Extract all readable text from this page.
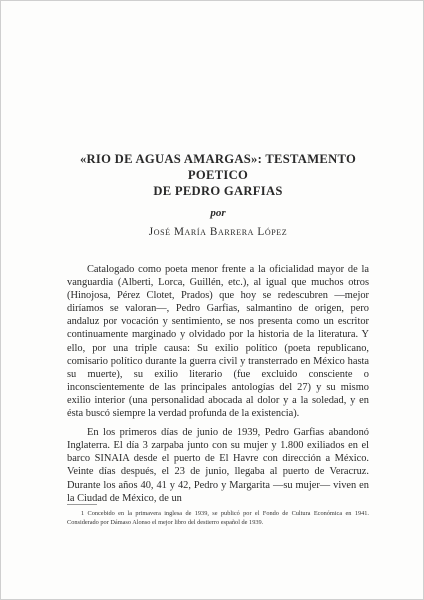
«RIO DE AGUAS AMARGAS»: TESTAMENTO POETICO
DE PEDRO GARFIAS
por
José María Barrera López

Catalogado como poeta menor frente a la oficialidad mayor de la vanguardia (Alberti, Lorca, Guillén, etc.), al igual que muchos otros (Hinojosa, Pérez Clotet, Prados) que hoy se redescubren —mejor diríamos se valoran—, Pedro Garfias, salmantino de origen, pero andaluz por vocación y sentimiento, se nos presenta como un escritor continuamente marginado y olvidado por la historia de la literatura. Y ello, por una triple causa: Su exilio político (poeta republicano, comisario político durante la guerra civil y transterrado en México hasta su muerte), su exilio literario (fue excluido consciente o inconscientemente de las principales antologías del 27) y su mismo exilio interior (una personalidad abocada al dolor y a la soledad, y en ésta buscó siempre la verdad profunda de la existencia).

En los primeros días de junio de 1939, Pedro Garfias abandonó Inglaterra. El día 3 zarpaba junto con su mujer y 1.800 exiliados en el barco SINAIA desde el puerto de El Havre con dirección a México. Veinte días después, el 23 de junio, llegaba al puerto de Veracruz. Durante los años 40, 41 y 42, Pedro y Margarita —su mujer— viven en la Ciudad de México, de un

1 Concebido en la primavera inglesa de 1939, se publicó por el Fondo de Cultura Económica en 1941. Considerado por Dámaso Alonso el mejor libro del destierro español de 1939.
